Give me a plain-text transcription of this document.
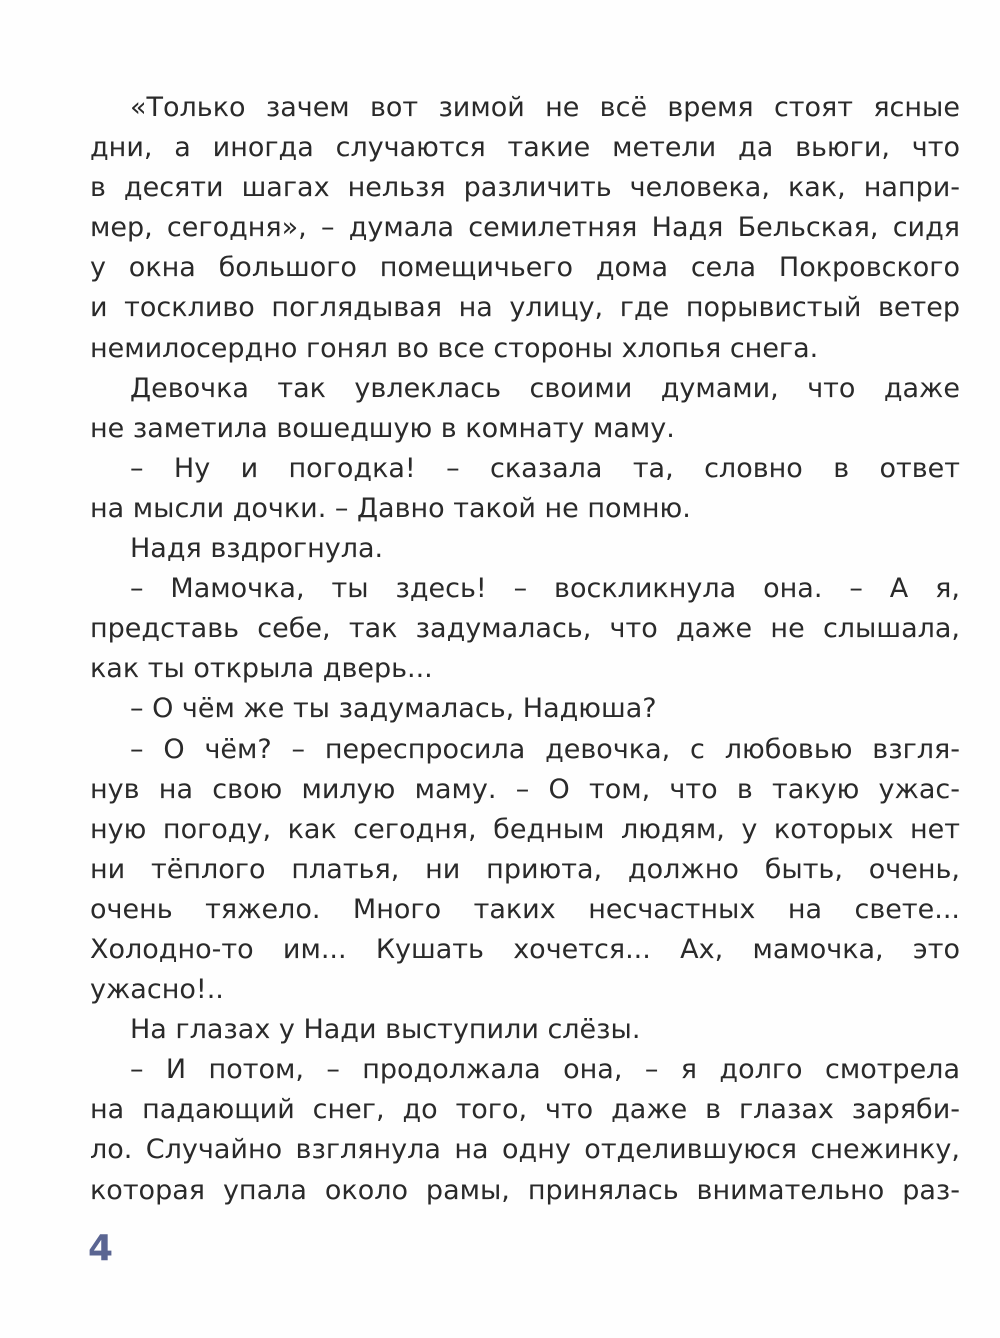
«Только зачем вот зимой не всё время стоят ясные
дни, а иногда случаются такие метели да вьюги, что
в десяти шагах нельзя различить человека, как, напри-
мер, сегодня», – думала семилетняя Надя Бельская, сидя
у окна большого помещичьего дома села Покровского
и тоскливо поглядывая на улицу, где порывистый ветер
немилосердно гонял во все стороны хлопья снега.
Девочка так увлеклась своими думами, что даже
не заметила вошедшую в комнату маму.
– Ну и погодка! – сказала та, словно в ответ
на мысли дочки. – Давно такой не помню.
Надя вздрогнула.
– Мамочка, ты здесь! – воскликнула она. – А я,
представь себе, так задумалась, что даже не слышала,
как ты открыла дверь...
– О чём же ты задумалась, Надюша?
– О чём? – переспросила девочка, с любовью взгля-
нув на свою милую маму. – О том, что в такую ужас-
ную погоду, как сегодня, бедным людям, у которых нет
ни тёплого платья, ни приюта, должно быть, очень,
очень тяжело. Много таких несчастных на свете...
Холодно-то им... Кушать хочется... Ах, мамочка, это
ужасно!..
На глазах у Нади выступили слёзы.
– И потом, – продолжала она, – я долго смотрела
на падающий снег, до того, что даже в глазах заряби-
ло. Случайно взглянула на одну отделившуюся снежинку,
которая упала около рамы, принялась внимательно раз-
4
